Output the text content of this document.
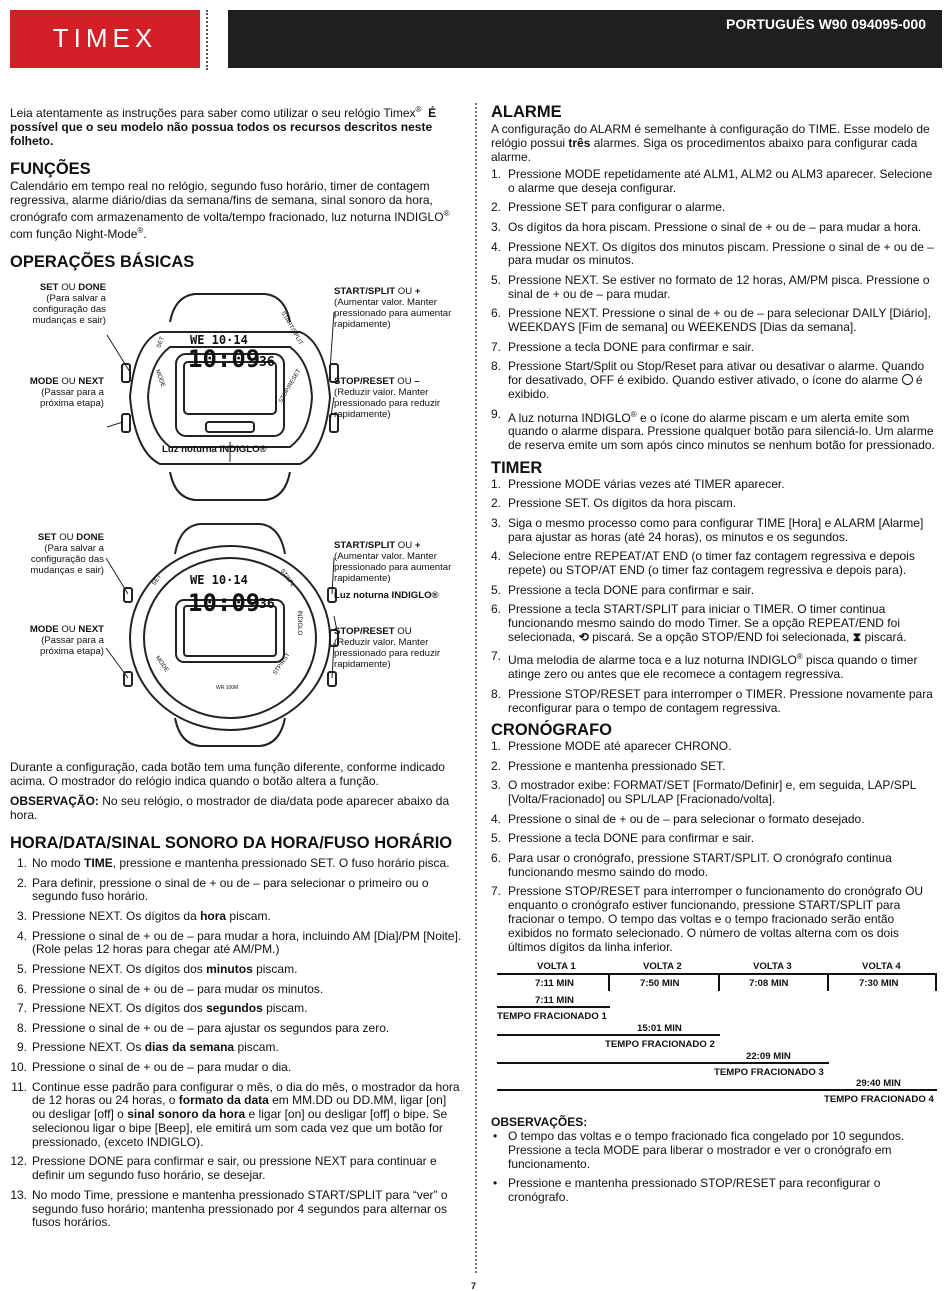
TIMEX	PORTUGUÊS W90 094095-000

Leia atentamente as instruções para saber como utilizar o seu relógio Timex® É possível que o seu modelo não possua todos os recursos descritos neste folheto.

FUNÇÕES

Calendário em tempo real no relógio, segundo fuso horário, timer de contagem regressiva, alarme diário/dias da semana/fins de semana, sinal sonoro da hora, cronógrafo com armazenamento de volta/tempo fracionado, luz noturna INDIGLO® com função Night-Mode®.

OPERAÇÕES BÁSICAS
WE 10·14
10:09
36
SET
MODE
START/SPLIT
STOP/RESET
SET OU DONE
(Para salvar a configuração das mudanças e sair)
MODE OU NEXT
(Passar para a próxima etapa)
START/SPLIT OU +
(Aumentar valor. Manter pressionado para aumentar rapidamente)
STOP/RESET OU –
(Reduzir valor. Manter pressionado para reduzir rapidamente)
Luz noturna INDIGLO®
WE 10·14
10:09
36
WR 100M
SET
MODE
ST/SPL
INDIGLO
STP/RST
SET OU DONE
(Para salvar a configuração das mudanças e sair)
MODE OU NEXT
(Passar para a próxima etapa)
START/SPLIT OU +
(Aumentar valor. Manter pressionado para aumentar rapidamente)
Luz noturna INDIGLO®
STOP/RESET OU
(Reduzir valor. Manter pressionado para reduzir rapidamente)

Durante a configuração, cada botão tem uma função diferente, conforme indicado acima. O mostrador do relógio indica quando o botão altera a função.

OBSERVAÇÃO: No seu relógio, o mostrador de dia/data pode aparecer abaixo da hora.

HORA/DATA/SINAL SONORO DA HORA/FUSO HORÁRIO
1. No modo TIME, pressione e mantenha pressionado SET. O fuso horário pisca.
2. Para definir, pressione o sinal de + ou de – para selecionar o primeiro ou o segundo fuso horário.
3. Pressione NEXT. Os dígitos da hora piscam.
4. Pressione o sinal de + ou de – para mudar a hora, incluindo AM [Dia]/PM [Noite]. (Role pelas 12 horas para chegar até AM/PM.)
5. Pressione NEXT. Os dígitos dos minutos piscam.
6. Pressione o sinal de + ou de – para mudar os minutos.
7. Pressione NEXT. Os dígitos dos segundos piscam.
8. Pressione o sinal de + ou de – para ajustar os segundos para zero.
9. Pressione NEXT. Os dias da semana piscam.
10. Pressione o sinal de + ou de – para mudar o dia.
11. Continue esse padrão para configurar o mês, o dia do mês, o mostrador da hora de 12 horas ou 24 horas, o formato da data em MM.DD ou DD.MM, ligar [on] ou desligar [off] o sinal sonoro da hora e ligar [on] ou desligar [off] o bipe. Se selecionou ligar o bipe [Beep], ele emitirá um som cada vez que um botão for pressionado, (exceto INDIGLO).
12. Pressione DONE para confirmar e sair, ou pressione NEXT para continuar e definir um segundo fuso horário, se desejar.
13. No modo Time, pressione e mantenha pressionado START/SPLIT para “ver” o segundo fuso horário; mantenha pressionado por 4 segundos para alternar os fusos horários.
ALARME

A configuração do ALARM é semelhante à configuração do TIME. Esse modelo de relógio possui três alarmes. Siga os procedimentos abaixo para configurar cada alarme.

1. Pressione MODE repetidamente até ALM1, ALM2 ou ALM3 aparecer. Selecione o alarme que deseja configurar.
2. Pressione SET para configurar o alarme.
3. Os dígitos da hora piscam. Pressione o sinal de + ou de – para mudar a hora.
4. Pressione NEXT. Os dígitos dos minutos piscam. Pressione o sinal de + ou de – para mudar os minutos.
5. Pressione NEXT. Se estiver no formato de 12 horas, AM/PM pisca. Pressione o sinal de + ou de – para mudar.
6. Pressione NEXT. Pressione o sinal de + ou de – para selecionar DAILY [Diário], WEEKDAYS [Fim de semana] ou WEEKENDS [Dias da semana].
7. Pressione a tecla DONE para confirmar e sair.
8. Pressione Start/Split ou Stop/Reset para ativar ou desativar o alarme. Quando for desativado, OFF é exibido. Quando estiver ativado, o ícone do alarme  é exibido.
9. A luz noturna INDIGLO® e o ícone do alarme piscam e um alerta emite som quando o alarme dispara. Pressione qualquer botão para silenciá-lo. Um alarme de reserva emite um som após cinco minutos se nenhum botão for pressionado.
TIMER
1. Pressione MODE várias vezes até TIMER aparecer.
2. Pressione SET. Os dígitos da hora piscam.
3. Siga o mesmo processo como para configurar TIME [Hora] e ALARM [Alarme] para ajustar as horas (até 24 horas), os minutos e os segundos.
4. Selecione entre REPEAT/AT END (o timer faz contagem regressiva e depois repete) ou STOP/AT END (o timer faz contagem regressiva e depois para).
5. Pressione a tecla DONE para confirmar e sair.
6. Pressione a tecla START/SPLIT para iniciar o TIMER. O timer continua funcionando mesmo saindo do modo Timer. Se a opção REPEAT/END foi selecionada, ⟲ piscará. Se a opção STOP/END foi selecionada, ⧗ piscará.
7. Uma melodia de alarme toca e a luz noturna INDIGLO® pisca quando o timer atinge zero ou antes que ele recomece a contagem regressiva.
8. Pressione STOP/RESET para interromper o TIMER. Pressione novamente para reconfigurar para o tempo de contagem regressiva.
CRONÓGRAFO
1. Pressione MODE até aparecer CHRONO.
2. Pressione e mantenha pressionado SET.
3. O mostrador exibe: FORMAT/SET [Formato/Definir] e, em seguida, LAP/SPL [Volta/Fracionado] ou SPL/LAP [Fracionado/volta].
4. Pressione o sinal de + ou de – para selecionar o formato desejado.
5. Pressione a tecla DONE para confirmar e sair.
6. Para usar o cronógrafo, pressione START/SPLIT. O cronógrafo continua funcionando mesmo saindo do modo.
7. Pressione STOP/RESET para interromper o funcionamento do cronógrafo OU enquanto o cronógrafo estiver funcionando, pressione START/SPLIT para fracionar o tempo. O tempo das voltas e o tempo fracionado serão então exibidos no formato selecionado. O número de voltas alterna com os dois últimos dígitos da linha inferior.
VOLTA 1	VOLTA 2	VOLTA 3	VOLTA 4
7:11 MIN	7:50 MIN	7:08 MIN	7:30 MIN
7:11 MIN
TEMPO FRACIONADO 1
15:01 MIN
TEMPO FRACIONADO 2
22:09 MIN
TEMPO FRACIONADO 3
29:40 MIN
TEMPO FRACIONADO 4
OBSERVAÇÕES:
• O tempo das voltas e o tempo fracionado fica congelado por 10 segundos. Pressione a tecla MODE para liberar o mostrador e ver o cronógrafo em funcionamento.
• Pressione e mantenha pressionado STOP/RESET para reconfigurar o cronógrafo.
7
